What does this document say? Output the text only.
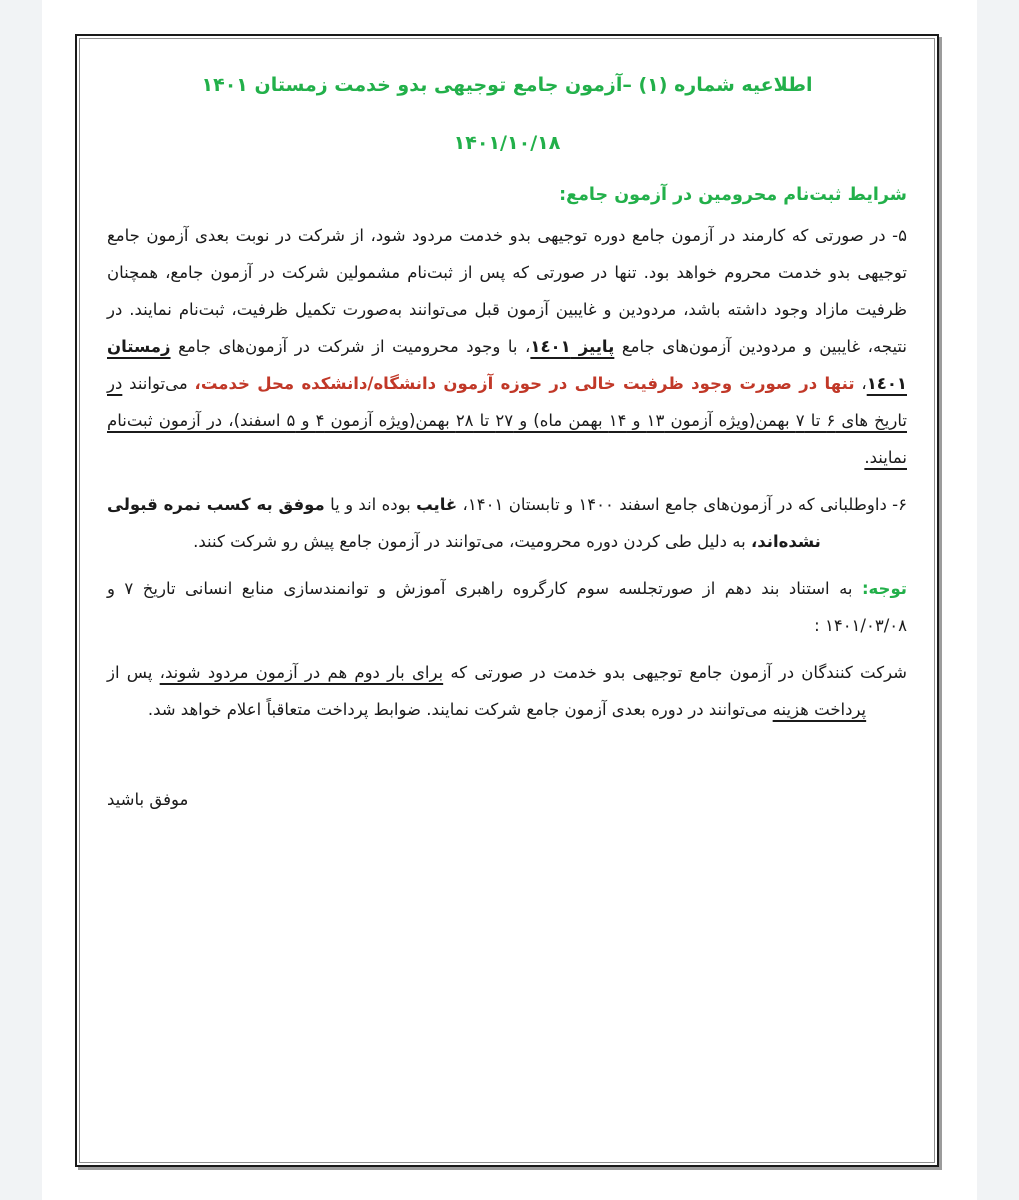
اطلاعیه شماره (۱) –آزمون جامع توجیهی بدو خدمت زمستان ۱۴۰۱
۱۴۰۱/۱۰/۱۸
شرایط ثبت‌نام محرومین در آزمون جامع:

۵- در صورتی که کارمند در آزمون جامع دوره توجیهی بدو خدمت مردود شود، از شرکت در نوبت بعدی آزمون جامع توجیهی بدو خدمت محروم خواهد بود. تنها در صورتی که پس از ثبت‌نام مشمولین شرکت در آزمون جامع، همچنان ظرفیت مازاد وجود داشته باشد، مردودین و غایبین آزمون قبل می‌توانند به‌صورت تکمیل ظرفیت، ثبت‌نام نمایند. در نتیجه، غایبین و مردودین آزمون‌های جامع پاییز ۱٤۰۱، با وجود محرومیت از شرکت در آزمون‌های جامع زمستان ۱٤۰۱، تنها در صورت وجود ظرفیت خالی در حوزه آزمون دانشگاه/دانشکده محل خدمت، می‌توانند در تاریخ های ۶ تا ۷ بهمن(ویژه آزمون ۱۳ و ۱۴ بهمن ماه) و ۲۷ تا ۲۸ بهمن(ویژه آزمون ۴ و ۵ اسفند)، در آزمون ثبت‌نام نمایند.

۶- داوطلبانی که در آزمون‌های جامع اسفند ۱۴۰۰ و تابستان ۱۴۰۱، غایب بوده اند و یا موفق به کسب نمره قبولی نشده‌اند، به دلیل طی کردن دوره محرومیت، می‌توانند در آزمون جامع پیش رو شرکت کنند.

توجه: به استناد بند دهم از صورتجلسه سوم کارگروه راهبری آموزش و توانمندسازی منابع انسانی تاریخ ۷ و ۱۴۰۱/۰۳/۰۸ :

شرکت کنندگان در آزمون جامع توجیهی بدو خدمت در صورتی که برای بار دوم هم در آزمون مردود شوند، پس از پرداخت هزینه می‌توانند در دوره بعدی آزمون جامع شرکت نمایند. ضوابط پرداخت متعاقباً اعلام خواهد شد.

موفق باشید
